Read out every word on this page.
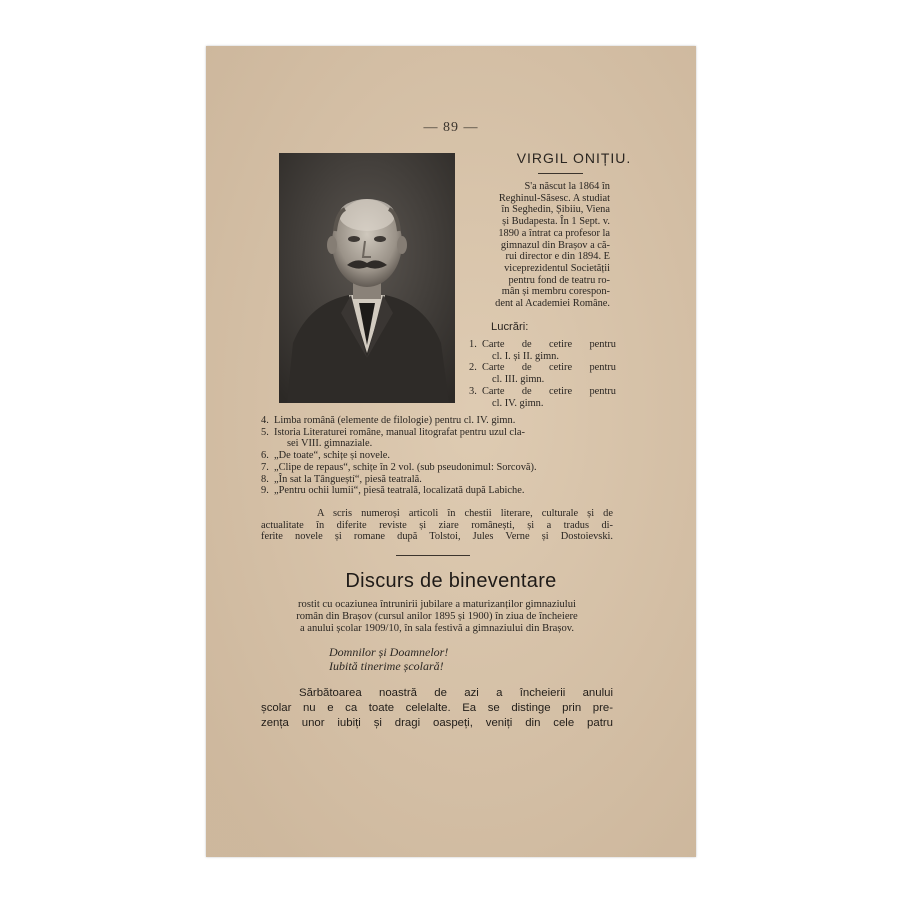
— 89 —
VIRGIL ONIȚIU.
S'a născut la 1864 în
Reghinul-Săsesc. A studiat
în Seghedin, Șibiiu, Viena
și Budapesta. În 1 Sept. v.
1890 a întrat ca profesor la
gimnazul din Brașov a că-
rui director e din 1894. E
viceprezidentul Societății
pentru fond de teatru ro-
mân și membru corespon-
dent al Academiei Române.
Lucrări:
1. Carte de cetire pentru
cl. I. și II. gimn.
2. Carte de cetire pentru
cl. III. gimn.
3. Carte de cetire pentru
cl. IV. gimn.
4. Limba română (elemente de filologie) pentru cl. IV. gimn.
5. Istoria Literaturei române, manual litografat pentru uzul cla-
sei VIII. gimnaziale.
6. „De toate“, schițe și novele.
7. „Clipe de repaus“, schițe în 2 vol. (sub pseudonimul: Sorcovă).
8. „În sat la Tângueștí“, piesă teatrală.
9. „Pentru ochii lumii“, piesă teatrală, localizată după Labiche.
A scris numeroși articoli în chestii literare, culturale și de
actualitate în diferite reviste și ziare românești, și a tradus di-
ferite novele și romane după Tolstoi, Jules Verne și Dostoievski.
Discurs de bineventare
rostit cu ocaziunea întrunirii jubilare a maturizanților gimnaziului
român din Brașov (cursul anilor 1895 și 1900) în ziua de încheiere
a anului școlar 1909/10, în sala festivă a gimnaziului din Brașov.
Domnilor și Doamnelor!
Iubită tinerime școlară!
Sărbătoarea noastră de azi a încheierii anului
școlar nu e ca toate celelalte. Ea se distinge prin pre-
zența unor iubiți și dragi oaspeți, veniți din cele patru
